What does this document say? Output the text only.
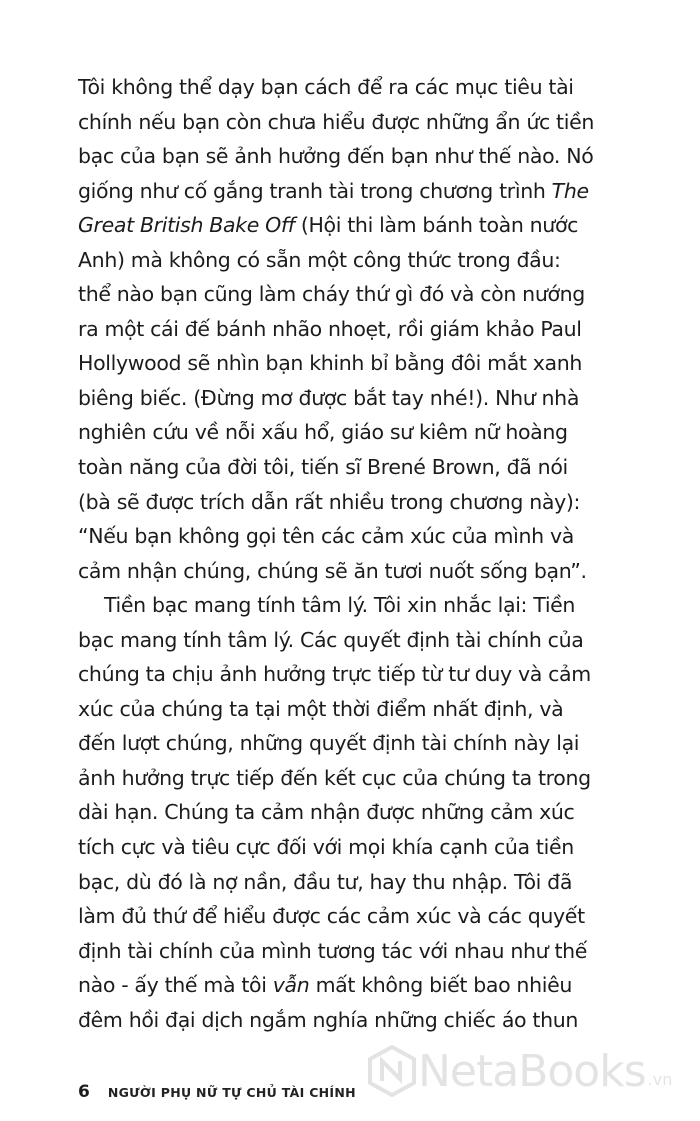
Tôi không thể dạy bạn cách để ra các mục tiêu tài
chính nếu bạn còn chưa hiểu được những ẩn ức tiền
bạc của bạn sẽ ảnh hưởng đến bạn như thế nào. Nó
giống như cố gắng tranh tài trong chương trình The
Great British Bake Off (Hội thi làm bánh toàn nước
Anh) mà không có sẵn một công thức trong đầu:
thể nào bạn cũng làm cháy thứ gì đó và còn nướng
ra một cái đế bánh nhão nhoẹt, rồi giám khảo Paul
Hollywood sẽ nhìn bạn khinh bỉ bằng đôi mắt xanh
biêng biếc. (Đừng mơ được bắt tay nhé!). Như nhà
nghiên cứu về nỗi xấu hổ, giáo sư kiêm nữ hoàng
toàn năng của đời tôi, tiến sĩ Brené Brown, đã nói
(bà sẽ được trích dẫn rất nhiều trong chương này):
“Nếu bạn không gọi tên các cảm xúc của mình và
cảm nhận chúng, chúng sẽ ăn tươi nuốt sống bạn”.
Tiền bạc mang tính tâm lý. Tôi xin nhắc lại: Tiền
bạc mang tính tâm lý. Các quyết định tài chính của
chúng ta chịu ảnh hưởng trực tiếp từ tư duy và cảm
xúc của chúng ta tại một thời điểm nhất định, và
đến lượt chúng, những quyết định tài chính này lại
ảnh hưởng trực tiếp đến kết cục của chúng ta trong
dài hạn. Chúng ta cảm nhận được những cảm xúc
tích cực và tiêu cực đối với mọi khía cạnh của tiền
bạc, dù đó là nợ nần, đầu tư, hay thu nhập. Tôi đã
làm đủ thứ để hiểu được các cảm xúc và các quyết
định tài chính của mình tương tác với nhau như thế
nào - ấy thế mà tôi vẫn mất không biết bao nhiêu
đêm hồi đại dịch ngắm nghía những chiếc áo thun
6 NGƯỜI PHỤ NỮ TỰ CHỦ TÀI CHÍNH NetaBooks .vn
